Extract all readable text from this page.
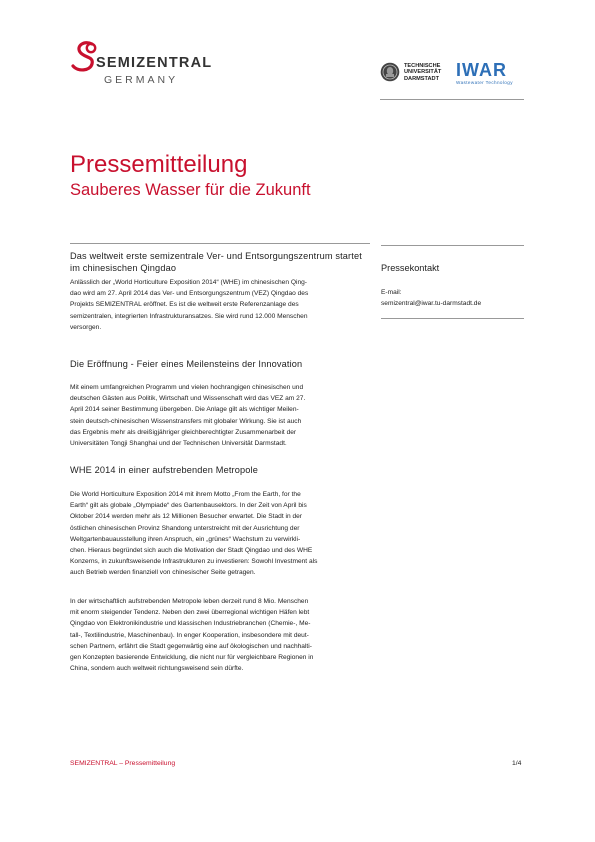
SEMIZENTRAL
GERMANY
TECHNISCHE
UNIVERSITÄT
DARMSTADT IWAR
Wastewater Technology
Pressemitteilung
Sauberes Wasser für die Zukunft
Das weltweit erste semizentrale Ver- und Entsorgungszentrum startet im chinesischen Qingdao
Anlässlich der „World Horticulture Exposition 2014“ (WHE) im chinesischen Qing-
dao wird am 27. April 2014 das Ver- und Entsorgungszentrum (VEZ) Qingdao des
Projekts SEMIZENTRAL eröffnet. Es ist die weltweit erste Referenzanlage des
semizentralen, integrierten Infrastrukturansatzes. Sie wird rund 12.000 Menschen
versorgen.
Die Eröffnung - Feier eines Meilensteins der Innovation
Mit einem umfangreichen Programm und vielen hochrangigen chinesischen und
deutschen Gästen aus Politik, Wirtschaft und Wissenschaft wird das VEZ am 27.
April 2014 seiner Bestimmung übergeben. Die Anlage gilt als wichtiger Meilen-
stein deutsch-chinesischen Wissenstransfers mit globaler Wirkung. Sie ist auch
das Ergebnis mehr als dreißigjähriger gleichberechtigter Zusammenarbeit der
Universitäten Tongji Shanghai und der Technischen Universität Darmstadt.
WHE 2014 in einer aufstrebenden Metropole
Die World Horticulture Exposition 2014 mit ihrem Motto „From the Earth, for the
Earth“ gilt als globale „Olympiade“ des Gartenbausektors. In der Zeit von April bis
Oktober 2014 werden mehr als 12 Millionen Besucher erwartet. Die Stadt in der
östlichen chinesischen Provinz Shandong unterstreicht mit der Ausrichtung der
Weltgartenbauausstellung ihren Anspruch, ein „grünes“ Wachstum zu verwirkli-
chen. Hieraus begründet sich auch die Motivation der Stadt Qingdao und des WHE
Konzerns, in zukunftsweisende Infrastrukturen zu investieren: Sowohl Investment als
auch Betrieb werden finanziell von chinesischer Seite getragen.
In der wirtschaftlich aufstrebenden Metropole leben derzeit rund 8 Mio. Menschen
mit enorm steigender Tendenz. Neben den zwei überregional wichtigen Häfen lebt
Qingdao von Elektronikindustrie und klassischen Industriebranchen (Chemie-, Me-
tall-, Textilindustrie, Maschinenbau). In enger Kooperation, insbesondere mit deut-
schen Partnern, erfährt die Stadt gegenwärtig eine auf ökologischen und nachhalti-
gen Konzepten basierende Entwicklung, die nicht nur für vergleichbare Regionen in
China, sondern auch weltweit richtungsweisend sein dürfte.
Pressekontakt
E-mail:
semizentral@iwar.tu-darmstadt.de
SEMIZENTRAL – Pressemitteilung	1/4
